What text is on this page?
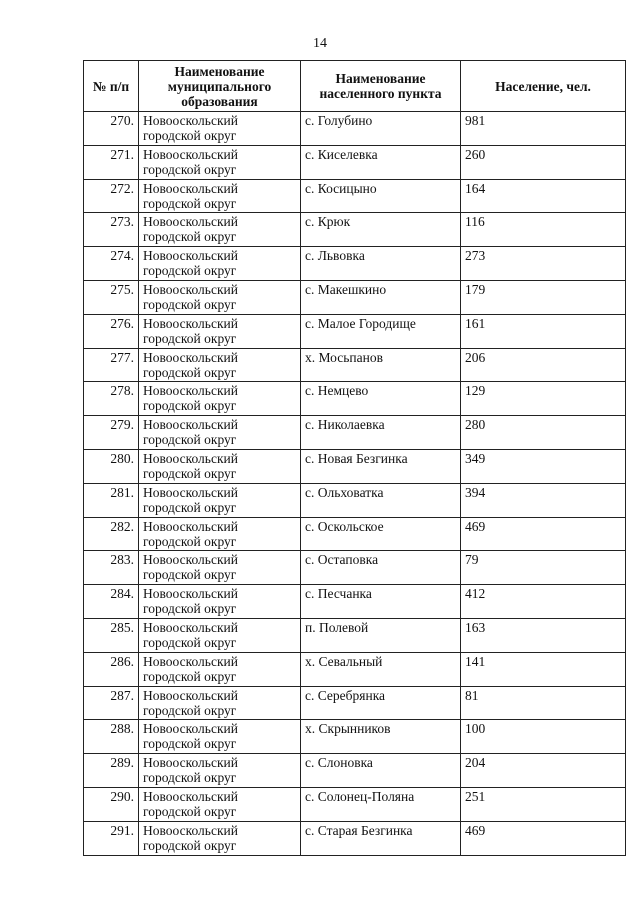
14
№ п/п	Наименование муниципального образования	Наименование населенного пункта	Население, чел.
270.	Новооскольский городской округ	с. Голубино	981
271.	Новооскольский городской округ	с. Киселевка	260
272.	Новооскольский городской округ	с. Косицыно	164
273.	Новооскольский городской округ	с. Крюк	116
274.	Новооскольский городской округ	с. Львовка	273
275.	Новооскольский городской округ	с. Макешкино	179
276.	Новооскольский городской округ	с. Малое Городище	161
277.	Новооскольский городской округ	х. Мосьпанов	206
278.	Новооскольский городской округ	с. Немцево	129
279.	Новооскольский городской округ	с. Николаевка	280
280.	Новооскольский городской округ	с. Новая Безгинка	349
281.	Новооскольский городской округ	с. Ольховатка	394
282.	Новооскольский городской округ	с. Оскольское	469
283.	Новооскольский городской округ	с. Остаповка	79
284.	Новооскольский городской округ	с. Песчанка	412
285.	Новооскольский городской округ	п. Полевой	163
286.	Новооскольский городской округ	х. Севальный	141
287.	Новооскольский городской округ	с. Серебрянка	81
288.	Новооскольский городской округ	х. Скрынников	100
289.	Новооскольский городской округ	с. Слоновка	204
290.	Новооскольский городской округ	с. Солонец-Поляна	251
291.	Новооскольский городской округ	с. Старая Безгинка	469
